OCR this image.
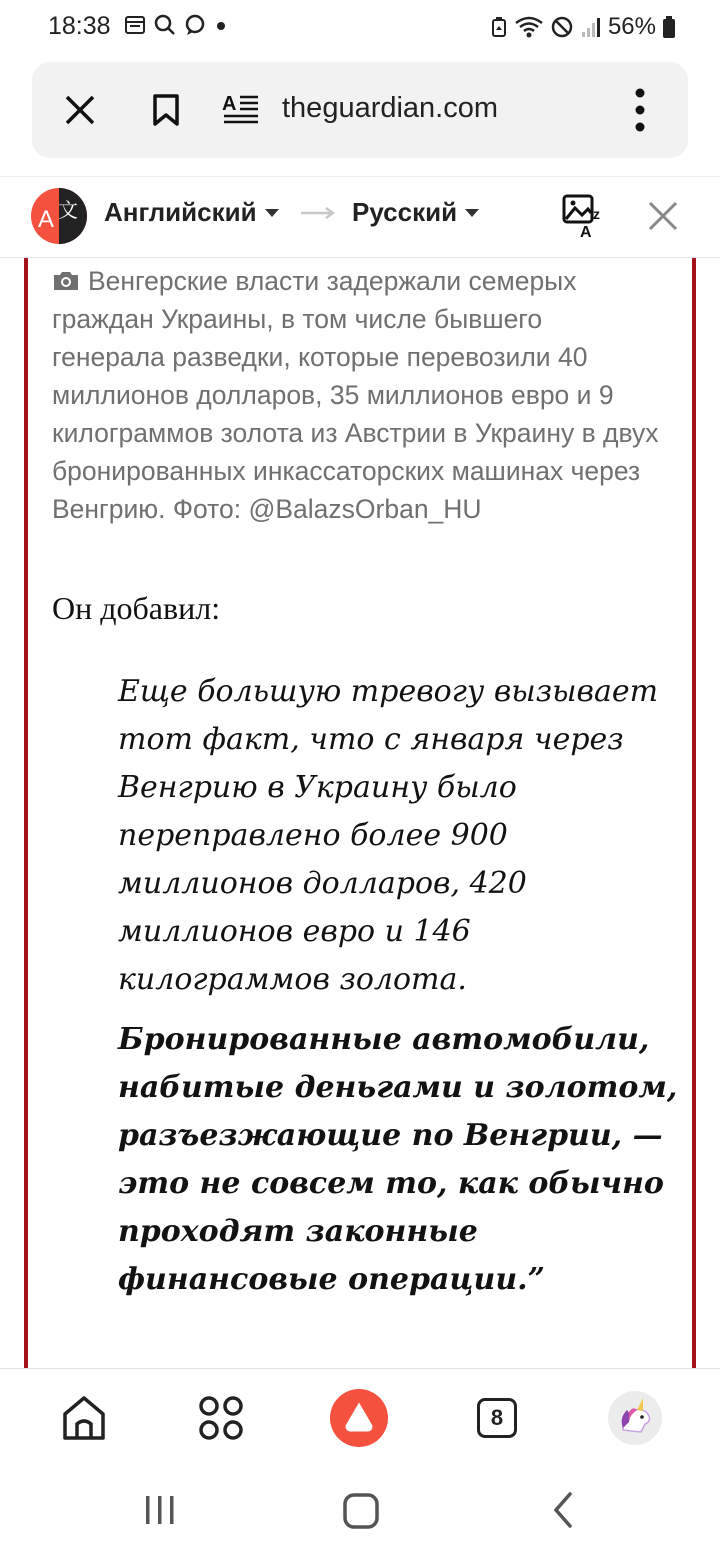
18:38	56%
A theguardian.com
A 文 Английский	Русский	z
A
Венгерские власти задержали семерых граждан Украины, в том числе бывшего генерала разведки, которые перевозили 40 миллионов долларов, 35 миллионов евро и 9 килограммов золота из Австрии в Украину в двух бронированных инкассаторских машинах через Венгрию. Фото: @BalazsOrban_HU
Он добавил:
Еще большую тревогу вызывает тот факт, что с января через Венгрию в Украину было переправлено более 900 миллионов долларов, 420 миллионов евро и 146 килограммов золота.
Бронированные автомобили, набитые деньгами и золотом, разъезжающие по Венгрии, — это не совсем то, как обычно проходят законные финансовые операции.”
8
